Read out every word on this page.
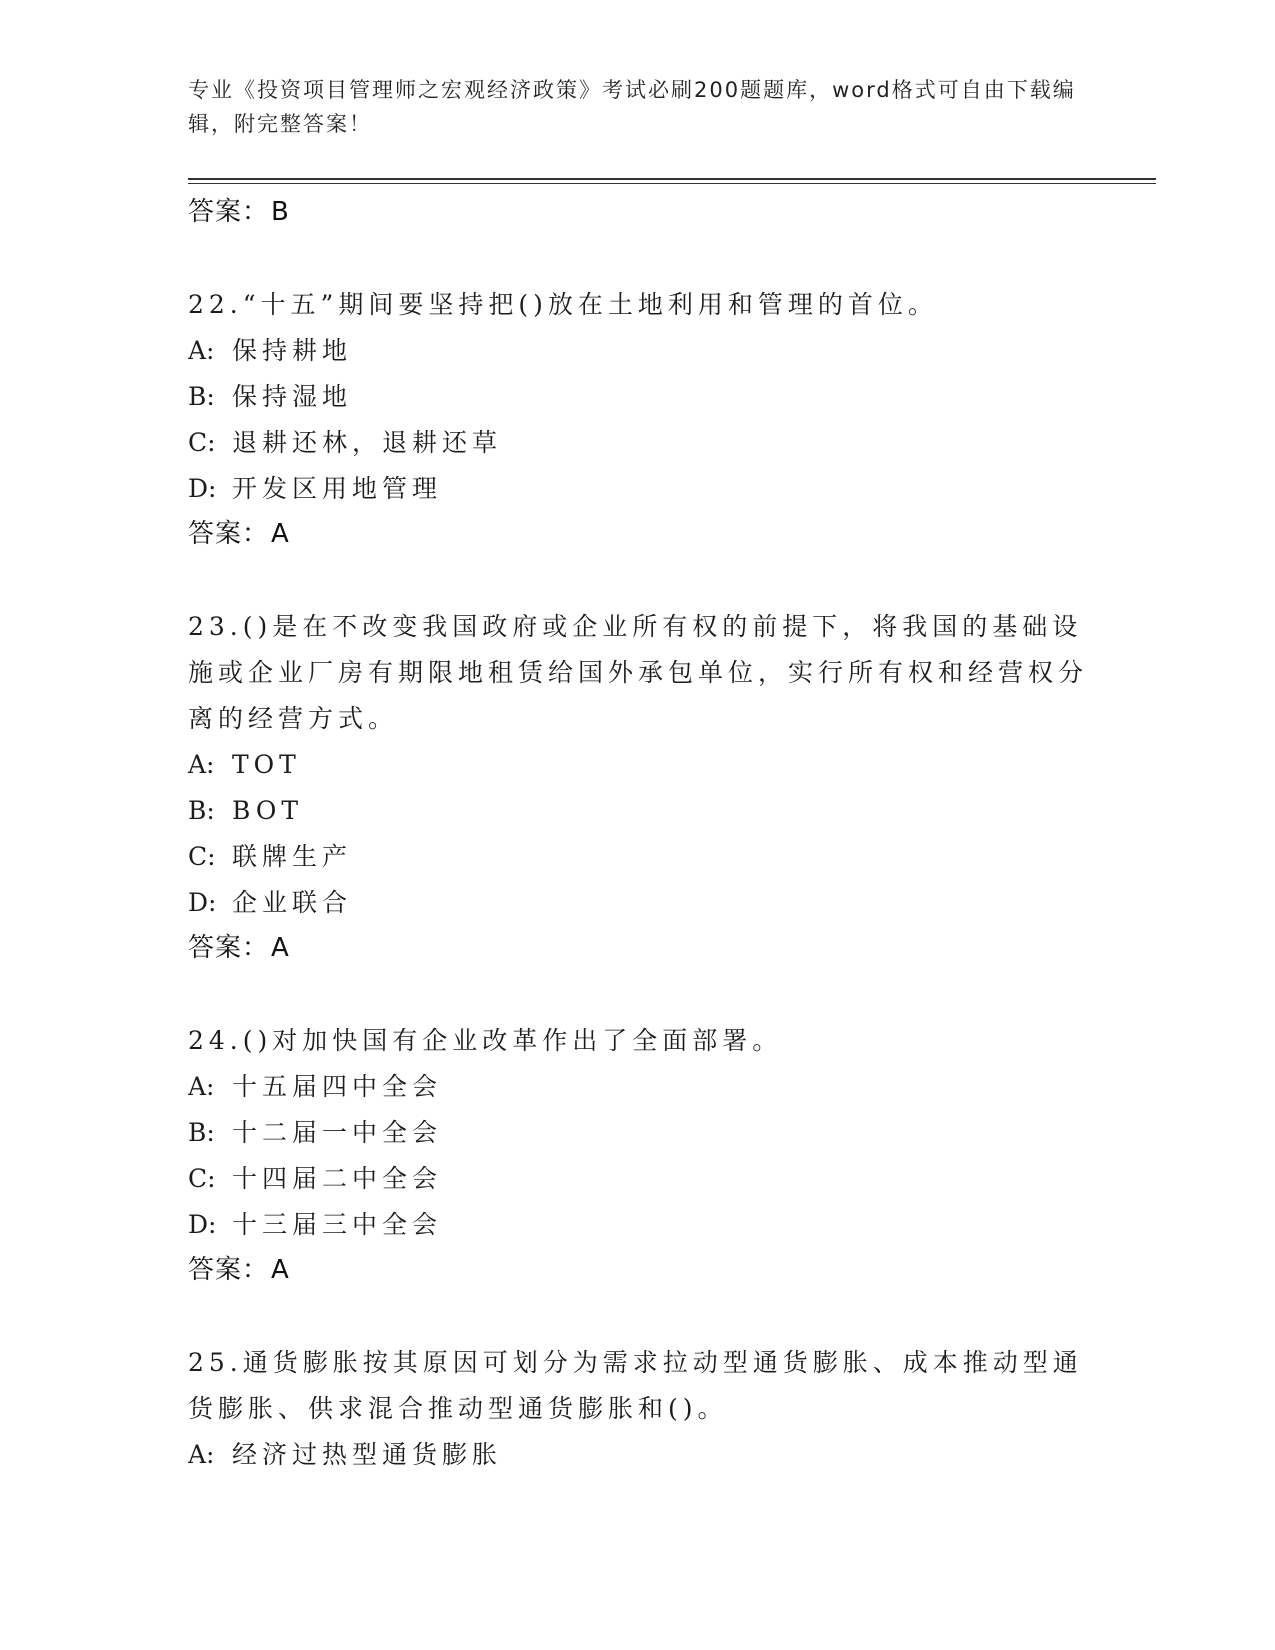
专业《投资项目管理师之宏观经济政策》考试必刷200题题库，word格式可自由下载编辑，附完整答案！
答案：B
22.“十五”期间要坚持把()放在土地利用和管理的首位。
A: 保持耕地
B: 保持湿地
C: 退耕还林，退耕还草
D: 开发区用地管理
答案：A
23.()是在不改变我国政府或企业所有权的前提下，将我国的基础设施或企业厂房有期限地租赁给国外承包单位，实行所有权和经营权分离的经营方式。
A: TOT
B: BOT
C: 联牌生产
D: 企业联合
答案：A
24.()对加快国有企业改革作出了全面部署。
A: 十五届四中全会
B: 十二届一中全会
C: 十四届二中全会
D: 十三届三中全会
答案：A
25.通货膨胀按其原因可划分为需求拉动型通货膨胀、成本推动型通货膨胀、供求混合推动型通货膨胀和()。
A: 经济过热型通货膨胀
